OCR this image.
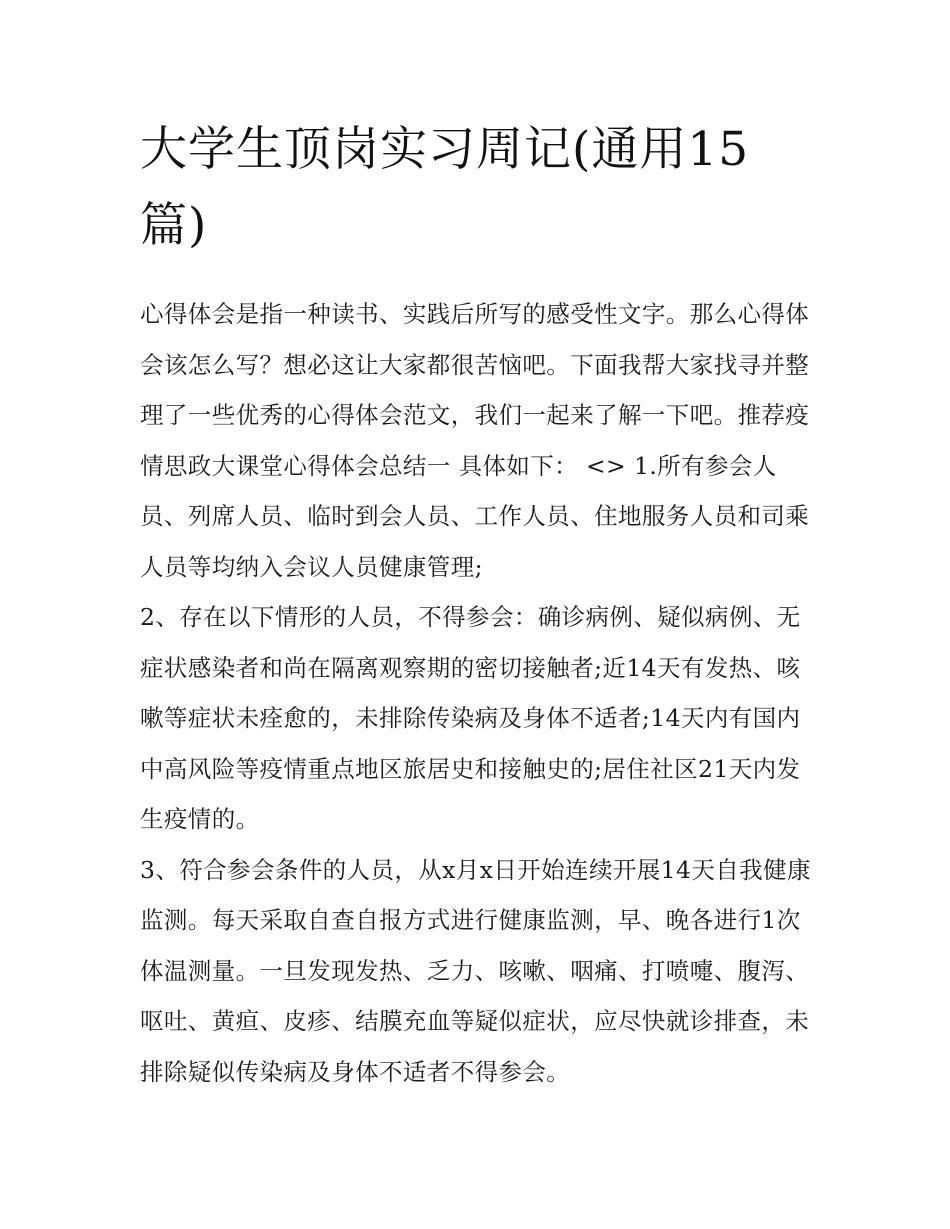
大学生顶岗实习周记(通用15
篇)

心得体会是指一种读书、实践后所写的感受性文字。那么心得体会该怎么写？想必这让大家都很苦恼吧。下面我帮大家找寻并整理了一些优秀的心得体会范文，我们一起来了解一下吧。推荐疫情思政大课堂心得体会总结一 具体如下： <> 1.所有参会人员、列席人员、临时到会人员、工作人员、住地服务人员和司乘人员等均纳入会议人员健康管理;

2、存在以下情形的人员，不得参会：确诊病例、疑似病例、无症状感染者和尚在隔离观察期的密切接触者;近14天有发热、咳嗽等症状未痊愈的，未排除传染病及身体不适者;14天内有国内中高风险等疫情重点地区旅居史和接触史的;居住社区21天内发生疫情的。

3、符合参会条件的人员，从x月x日开始连续开展14天自我健康监测。每天采取自查自报方式进行健康监测，早、晚各进行1次体温测量。一旦发现发热、乏力、咳嗽、咽痛、打喷嚏、腹泻、呕吐、黄疸、皮疹、结膜充血等疑似症状，应尽快就诊排查，未排除疑似传染病及身体不适者不得参会。
